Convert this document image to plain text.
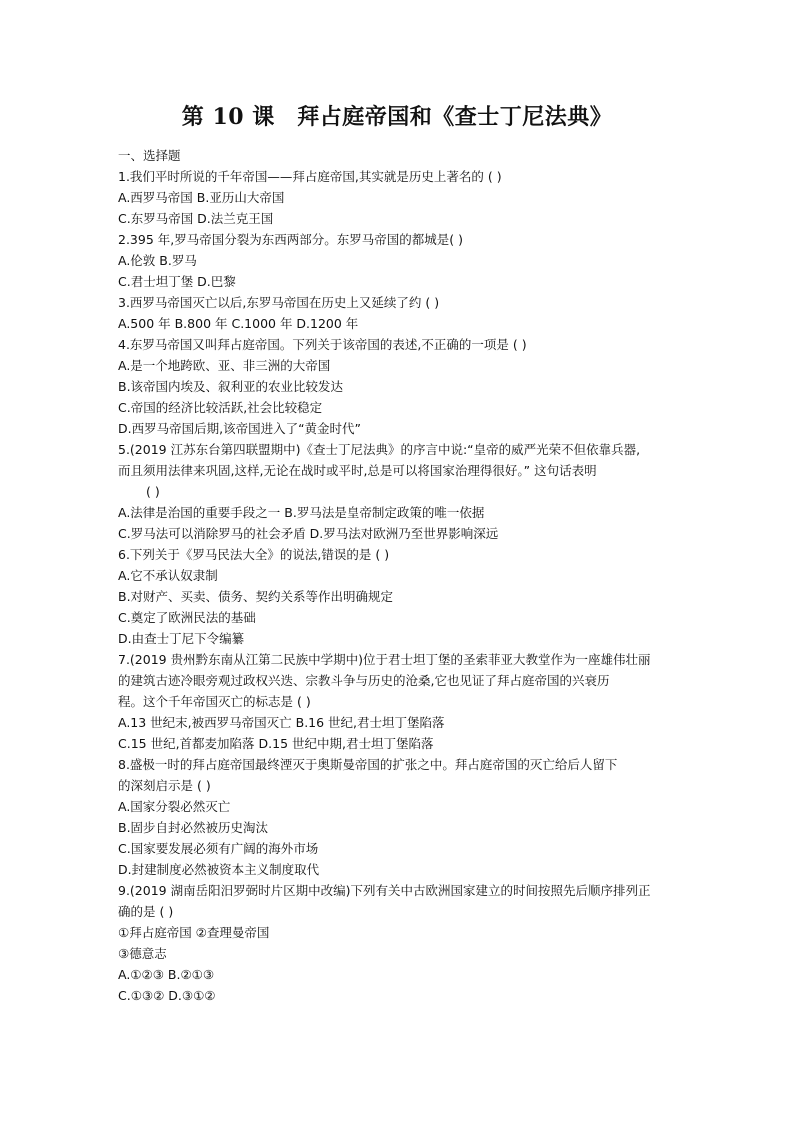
第 10 课　拜占庭帝国和《查士丁尼法典》
一、选择题
1.我们平时所说的千年帝国——拜占庭帝国,其实就是历史上著名的 ( )
A.西罗马帝国 B.亚历山大帝国
C.东罗马帝国 D.法兰克王国
2.395 年,罗马帝国分裂为东西两部分。东罗马帝国的都城是( )
A.伦敦 B.罗马
C.君士坦丁堡 D.巴黎
3.西罗马帝国灭亡以后,东罗马帝国在历史上又延续了约 ( )
A.500 年 B.800 年 C.1000 年 D.1200 年
4.东罗马帝国又叫拜占庭帝国。下列关于该帝国的表述,不正确的一项是 ( )
A.是一个地跨欧、亚、非三洲的大帝国
B.该帝国内埃及、叙利亚的农业比较发达
C.帝国的经济比较活跃,社会比较稳定
D.西罗马帝国后期,该帝国进入了“黄金时代”
5.(2019 江苏东台第四联盟期中)《查士丁尼法典》的序言中说:“皇帝的威严光荣不但依靠兵器,
而且须用法律来巩固,这样,无论在战时或平时,总是可以将国家治理得很好。” 这句话表明
( )
A.法律是治国的重要手段之一 B.罗马法是皇帝制定政策的唯一依据
C.罗马法可以消除罗马的社会矛盾 D.罗马法对欧洲乃至世界影响深远
6.下列关于《罗马民法大全》的说法,错误的是 ( )
A.它不承认奴隶制
B.对财产、买卖、债务、契约关系等作出明确规定
C.奠定了欧洲民法的基础
D.由查士丁尼下令编纂
7.(2019 贵州黔东南从江第二民族中学期中)位于君士坦丁堡的圣索菲亚大教堂作为一座雄伟壮丽
的建筑古迹冷眼旁观过政权兴迭、宗教斗争与历史的沧桑,它也见证了拜占庭帝国的兴衰历
程。这个千年帝国灭亡的标志是 ( )
A.13 世纪末,被西罗马帝国灭亡 B.16 世纪,君士坦丁堡陷落
C.15 世纪,首都麦加陷落 D.15 世纪中期,君士坦丁堡陷落
8.盛极一时的拜占庭帝国最终湮灭于奥斯曼帝国的扩张之中。拜占庭帝国的灭亡给后人留下
的深刻启示是 ( )
A.国家分裂必然灭亡
B.固步自封必然被历史淘汰
C.国家要发展必须有广阔的海外市场
D.封建制度必然被资本主义制度取代
9.(2019 湖南岳阳汨罗弼时片区期中改编)下列有关中古欧洲国家建立的时间按照先后顺序排列正
确的是 ( )
①拜占庭帝国 ②查理曼帝国
③德意志
A.①②③ B.②①③
C.①③② D.③①②
